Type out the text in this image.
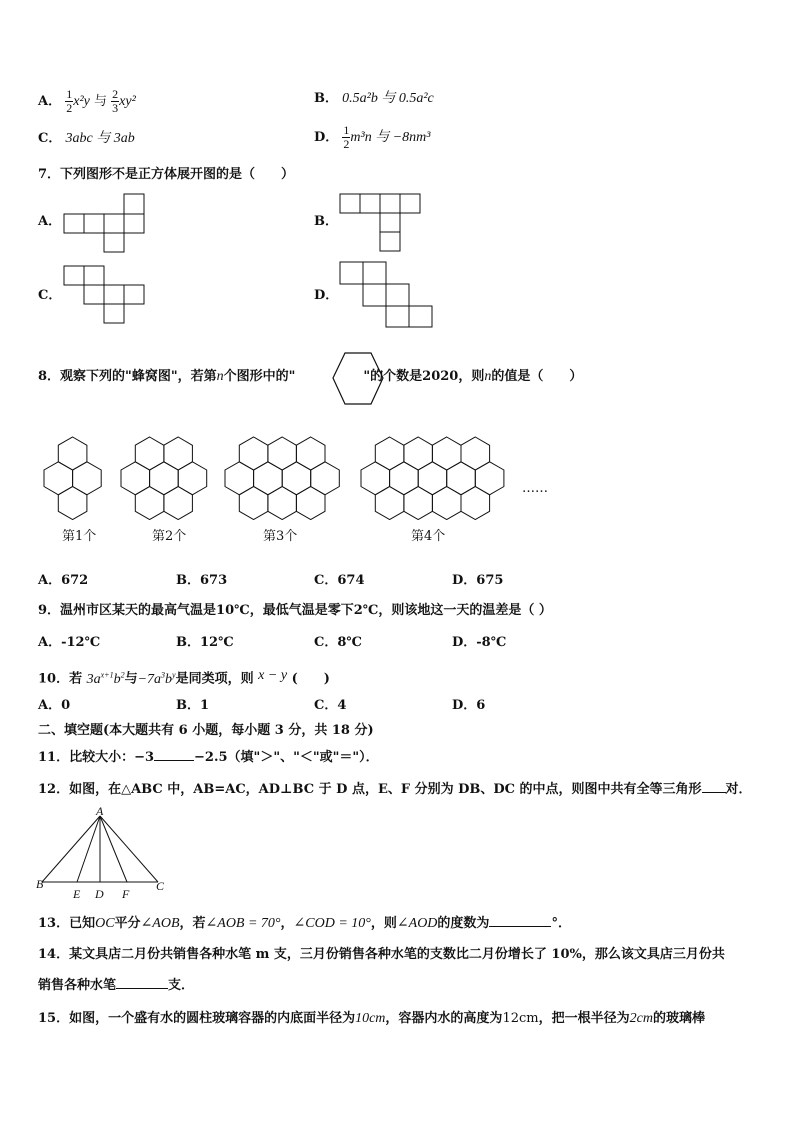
A． $\frac{1}{2} x^2y$ 与 $\frac{2}{3} xy^2$	B． 0.5a²b 与 0.5a²c
C． 3abc 与 3ab	D． $\frac{1}{2} m^3n$ 与 −8nm³
7．下列图形不是正方体展开图的是（　　）
A．	B．
C．	D．
8．观察下列的"蜂窝图"，若第n个图形中的"	"的个数是2020，则n的值是（　　）
第1个	第2个	第3个	第4个
……
A．672	B．673	C．674	D．675
9．温州市区某天的最高气温是10℃，最低气温是零下2℃，则该地这一天的温差是（ ）
A．-12℃	B．12℃	C．8℃	D．-8℃
10．若 $3a^{x+1}b^2$与$-7a^3b^y$是同类项，则 x − y (　　)
A．0	B．1	C．4	D．6
二、填空题(本大题共有 6 小题，每小题 3 分，共 18 分)
11．比较大小：−3	−2.5（填"＞"、"＜"或"＝"）．
12．如图，在△ABC 中，AB=AC，AD⊥BC 于 D 点，E、F 分别为 DB、DC 的中点，则图中共有全等三角形 对．
A
B
E D F
C
13．已知OC平分∠AOB，若∠AOB = 70°，∠COD = 10°，则∠AOD的度数为	°．
14．某文具店二月份共销售各种水笔 m 支，三月份销售各种水笔的支数比二月份增长了 10%，那么该文具店三月份共
销售各种水笔	支．
15．如图，一个盛有水的圆柱玻璃容器的内底面半径为10cm，容器内水的高度为12cm，把一根半径为2cm的玻璃棒
